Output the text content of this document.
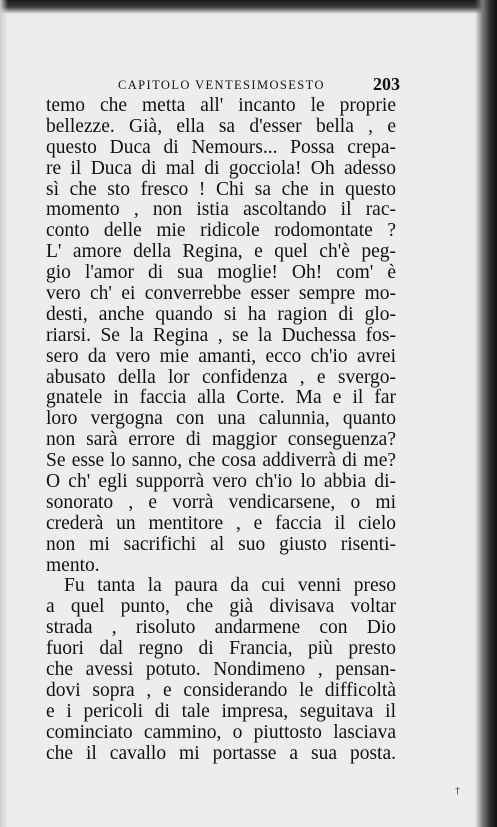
CAPITOLO VENTESIMOSESTO	203
temo che metta all' incanto le proprie
bellezze. Già, ella sa d'esser bella , e
questo Duca di Nemours... Possa crepa-
re il Duca di mal di gocciola! Oh adesso
sì che sto fresco ! Chi sa che in questo
momento , non istia ascoltando il rac-
conto delle mie ridicole rodomontate ?
L' amore della Regina, e quel ch'è peg-
gio l'amor di sua moglie! Oh! com' è
vero ch' ei converrebbe esser sempre mo-
desti, anche quando si ha ragion di glo-
riarsi. Se la Regina , se la Duchessa fos-
sero da vero mie amanti, ecco ch'io avrei
abusato della lor confidenza , e svergo-
gnatele in faccia alla Corte. Ma e il far
loro vergogna con una calunnia, quanto
non sarà errore di maggior conseguenza?
Se esse lo sanno, che cosa addiverrà di me?
O ch' egli supporrà vero ch'io lo abbia di-
sonorato , e vorrà vendicarsene, o mi
crederà un mentitore , e faccia il cielo
non mi sacrifichi al suo giusto risenti-
mento.
Fu tanta la paura da cui venni preso
a quel punto, che già divisava voltar
strada , risoluto andarmene con Dio
fuori dal regno di Francia, più presto
che avessi potuto. Nondimeno , pensan-
dovi sopra , e considerando le difficoltà
e i pericoli di tale impresa, seguitava il
cominciato cammino, o piuttosto lasciava
che il cavallo mi portasse a sua posta.
†
